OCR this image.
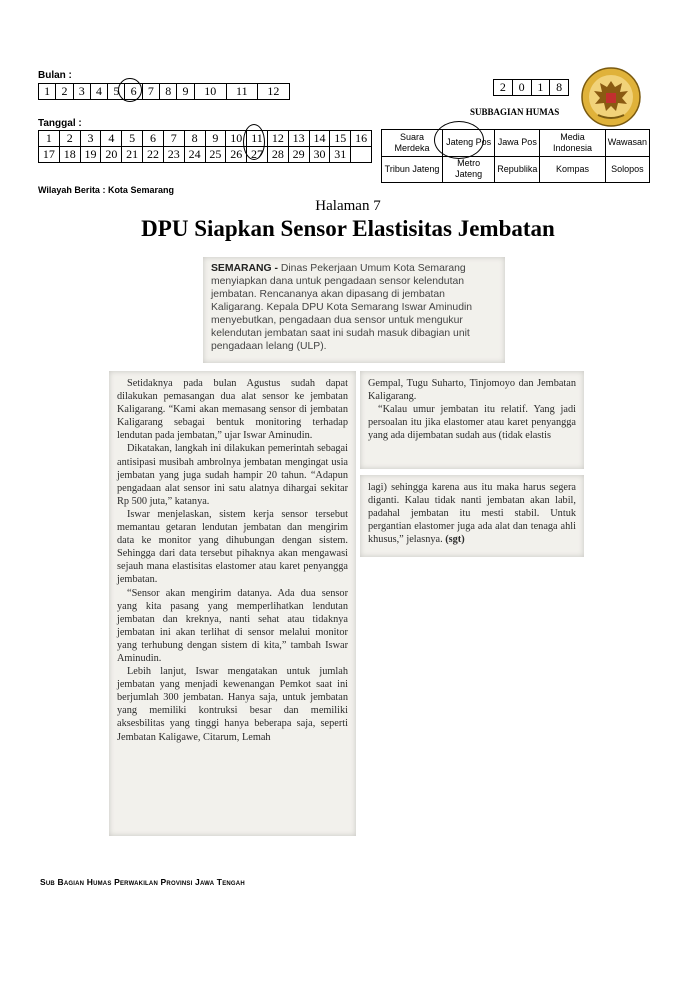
Bulan :
1	2	3	4	5	6	7	8	9	10	11	12
Tanggal :
1	2	3	4	5	6	7	8	9	10	11	12	13	14	15	16
17	18	19	20	21	22	23	24	25	26	27	28	29	30	31	
2	0	1	8
SUBBAGIAN HUMAS
Suara Merdeka	Jateng Pos	Jawa Pos	Media Indonesia	Wawasan
Tribun Jateng	Metro Jateng	Republika	Kompas	Solopos
Wilayah Berita : Kota Semarang
Halaman 7
DPU Siapkan Sensor Elastisitas Jembatan

SEMARANG - Dinas Pekerjaan Umum Kota Semarang menyiapkan dana untuk pengadaan sensor kelendutan jembatan. Rencananya akan dipasang di jembatan Kaligarang. Kepala DPU Kota Semarang Iswar Aminudin menyebutkan, pengadaan dua sensor untuk mengukur kelendutan jembatan saat ini sudah masuk dibagian unit pengadaan lelang (ULP).

Setidaknya pada bulan Agustus sudah dapat dilakukan pemasangan dua alat sensor ke jembatan Kaligarang. “Kami akan memasang sensor di jembatan Kaligarang sebagai bentuk monitoring terhadap lendutan pada jembatan,” ujar Iswar Aminudin.

Dikatakan, langkah ini dilakukan pemerintah sebagai antisipasi musibah ambrolnya jembatan mengingat usia jembatan yang juga sudah hampir 20 tahun. “Adapun pengadaan alat sensor ini satu alatnya dihargai sekitar Rp 500 juta,” katanya.

Iswar menjelaskan, sistem kerja sensor tersebut memantau getaran lendutan jembatan dan mengirim data ke monitor yang dihubungan dengan sistem. Sehingga dari data tersebut pihaknya akan mengawasi sejauh mana elastisitas elastomer atau karet penyangga jembatan.

“Sensor akan mengirim datanya. Ada dua sensor yang kita pasang yang memperlihatkan lendutan jembatan dan kreknya, nanti sehat atau tidaknya jembatan ini akan terlihat di sensor melalui monitor yang terhubung dengan sistem di kita,” tambah Iswar Aminudin.

Lebih lanjut, Iswar mengatakan untuk jumlah jembatan yang menjadi kewenangan Pemkot saat ini berjumlah 300 jembatan. Hanya saja, untuk jembatan yang memiliki kontruksi besar dan memiliki aksesbilitas yang tinggi hanya beberapa saja, seperti Jembatan Kaligawe, Citarum, Lemah

Gempal, Tugu Suharto, Tinjomoyo dan Jembatan Kaligarang.

“Kalau umur jembatan itu relatif. Yang jadi persoalan itu jika elastomer atau karet penyangga yang ada dijembatan sudah aus (tidak elastis

lagi) sehingga karena aus itu maka harus segera diganti. Kalau tidak nanti jembatan akan labil, padahal jembatan itu mesti stabil. Untuk pergantian elastomer juga ada alat dan tenaga ahli khusus,” jelasnya. (sgt)

Sub Bagian Humas Perwakilan Provinsi Jawa Tengah
